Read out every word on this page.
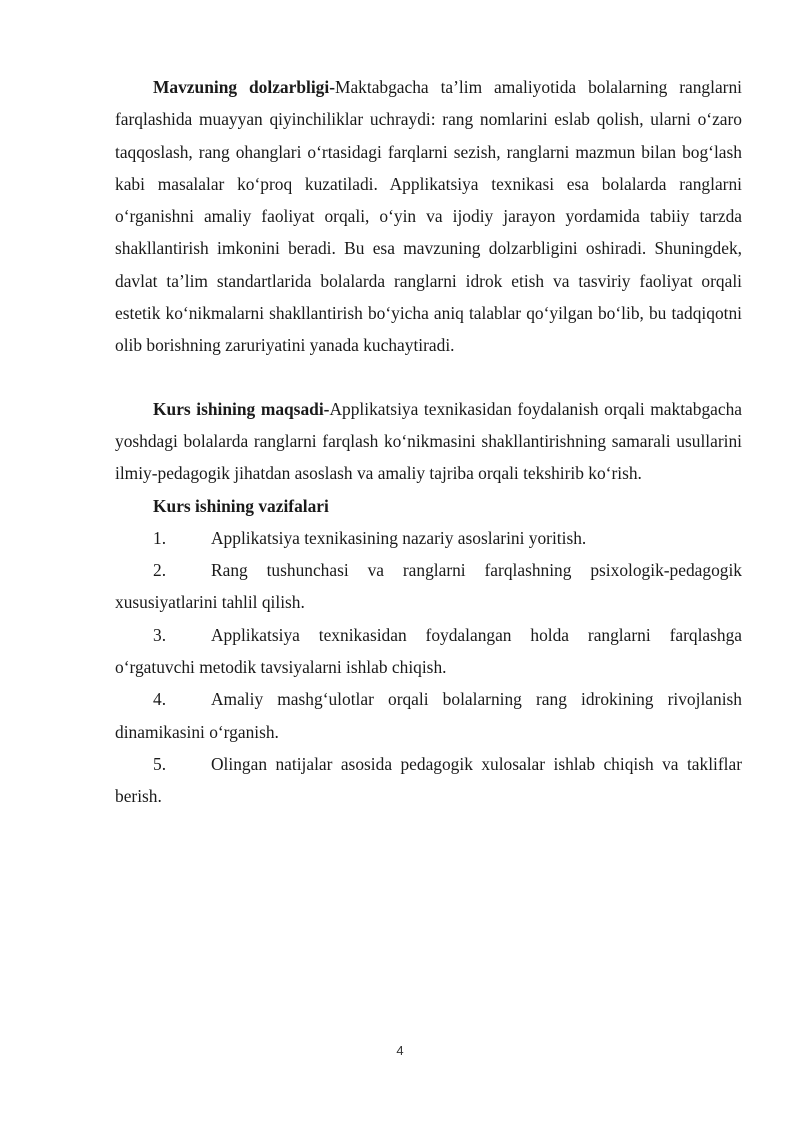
Mavzuning dolzarbligi-Maktabgacha ta’lim amaliyotida bolalarning ranglarni farqlashida muayyan qiyinchiliklar uchraydi: rang nomlarini eslab qolish, ularni o‘zaro taqqoslash, rang ohanglari o‘rtasidagi farqlarni sezish, ranglarni mazmun bilan bog‘lash kabi masalalar ko‘proq kuzatiladi. Applikatsiya texnikasi esa bolalarda ranglarni o‘rganishni amaliy faoliyat orqali, o‘yin va ijodiy jarayon yordamida tabiiy tarzda shakllantirish imkonini beradi. Bu esa mavzuning dolzarbligini oshiradi. Shuningdek, davlat ta’lim standartlarida bolalarda ranglarni idrok etish va tasviriy faoliyat orqali estetik ko‘nikmalarni shakllantirish bo‘yicha aniq talablar qo‘yilgan bo‘lib, bu tadqiqotni olib borishning zaruriyatini yanada kuchaytiradi.

Kurs ishining maqsadi-Applikatsiya texnikasidan foydalanish orqali maktabgacha yoshdagi bolalarda ranglarni farqlash ko‘nikmasini shakllantirishning samarali usullarini ilmiy-pedagogik jihatdan asoslash va amaliy tajriba orqali tekshirib ko‘rish.

Kurs ishining vazifalari

1.	Applikatsiya texnikasining nazariy asoslarini yoritish.

2.	Rang tushunchasi va ranglarni farqlashning psixologik-pedagogik xususiyatlarini tahlil qilish.

3.	Applikatsiya texnikasidan foydalangan holda ranglarni farqlashga o‘rgatuvchi metodik tavsiyalarni ishlab chiqish.

4.	Amaliy mashg‘ulotlar orqali bolalarning rang idrokining rivojlanish dinamikasini o‘rganish.

5.	Olingan natijalar asosida pedagogik xulosalar ishlab chiqish va takliflar berish.

4
